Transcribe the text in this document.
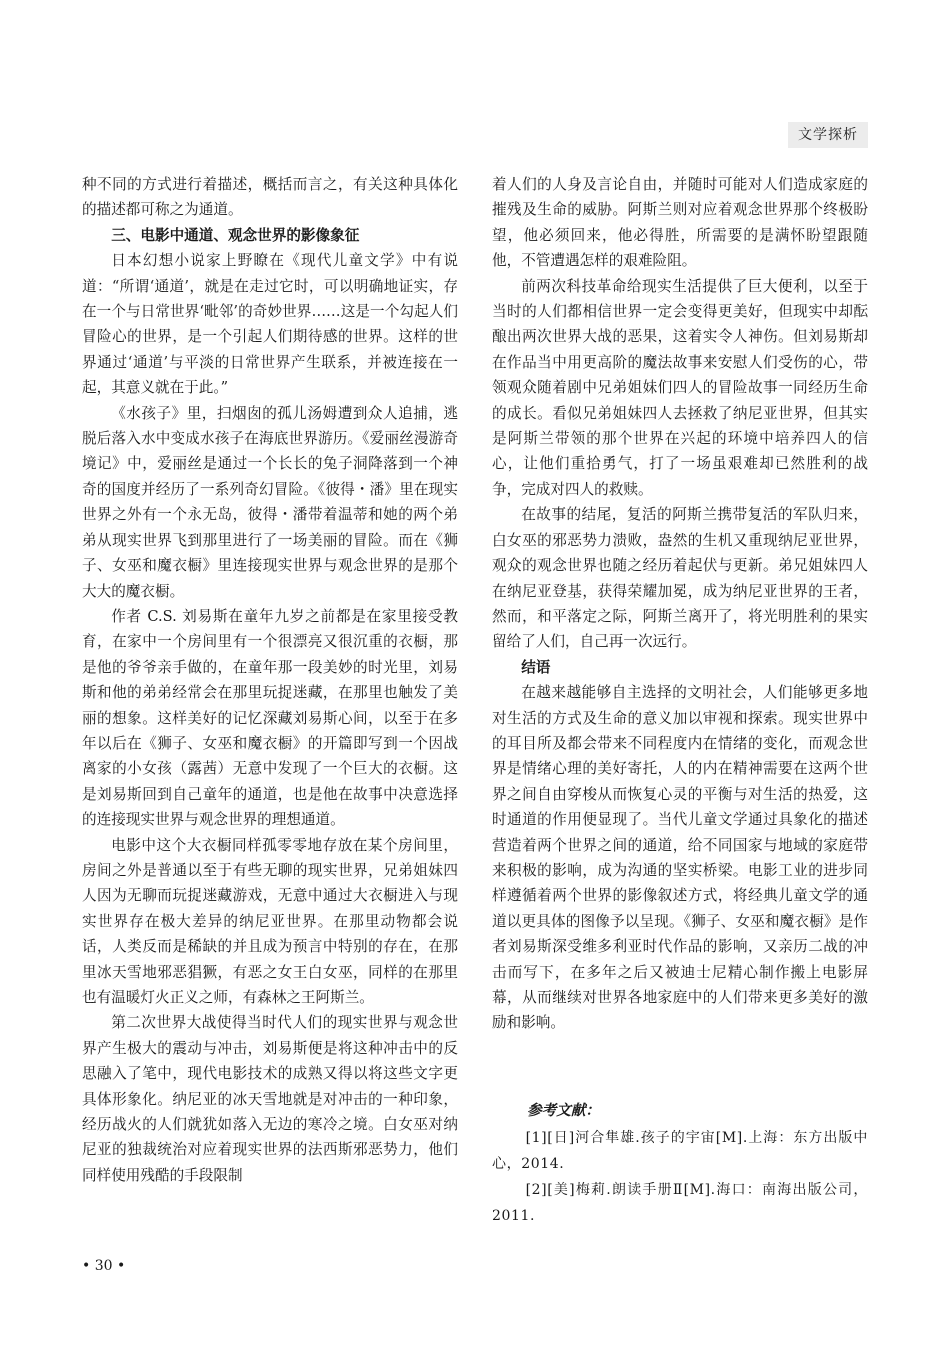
文学探析

种不同的方式进行着描述，概括而言之，有关这种具体化的描述都可称之为通道。

三、电影中通道、观念世界的影像象征

日本幻想小说家上野瞭在《现代儿童文学》中有说道：“所谓‘通道’，就是在走过它时，可以明确地证实，存在一个与日常世界‘毗邻’的奇妙世界……这是一个勾起人们冒险心的世界，是一个引起人们期待感的世界。这样的世界通过‘通道’与平淡的日常世界产生联系，并被连接在一起，其意义就在于此。”

《水孩子》里，扫烟囱的孤儿汤姆遭到众人追捕，逃脱后落入水中变成水孩子在海底世界游历。《爱丽丝漫游奇境记》中，爱丽丝是通过一个长长的兔子洞降落到一个神奇的国度并经历了一系列奇幻冒险。《彼得・潘》里在现实世界之外有一个永无岛，彼得・潘带着温蒂和她的两个弟弟从现实世界飞到那里进行了一场美丽的冒险。而在《狮子、女巫和魔衣橱》里连接现实世界与观念世界的是那个大大的魔衣橱。

作者 C.S. 刘易斯在童年九岁之前都是在家里接受教育，在家中一个房间里有一个很漂亮又很沉重的衣橱，那是他的爷爷亲手做的，在童年那一段美妙的时光里，刘易斯和他的弟弟经常会在那里玩捉迷藏，在那里也触发了美丽的想象。这样美好的记忆深藏刘易斯心间，以至于在多年以后在《狮子、女巫和魔衣橱》的开篇即写到一个因战离家的小女孩（露茜）无意中发现了一个巨大的衣橱。这是刘易斯回到自己童年的通道，也是他在故事中决意选择的连接现实世界与观念世界的理想通道。

电影中这个大衣橱同样孤零零地存放在某个房间里，房间之外是普通以至于有些无聊的现实世界，兄弟姐妹四人因为无聊而玩捉迷藏游戏，无意中通过大衣橱进入与现实世界存在极大差异的纳尼亚世界。在那里动物都会说话，人类反而是稀缺的并且成为预言中特别的存在，在那里冰天雪地邪恶猖獗，有恶之女王白女巫，同样的在那里也有温暖灯火正义之师，有森林之王阿斯兰。

第二次世界大战使得当时代人们的现实世界与观念世界产生极大的震动与冲击，刘易斯便是将这种冲击中的反思融入了笔中，现代电影技术的成熟又得以将这些文字更具体形象化。纳尼亚的冰天雪地就是对冲击的一种印象，经历战火的人们就犹如落入无边的寒冷之境。白女巫对纳尼亚的独裁统治对应着现实世界的法西斯邪恶势力，他们同样使用残酷的手段限制

着人们的人身及言论自由，并随时可能对人们造成家庭的摧残及生命的威胁。阿斯兰则对应着观念世界那个终极盼望，他必须回来，他必得胜，所需要的是满怀盼望跟随他，不管遭遇怎样的艰难险阻。

前两次科技革命给现实生活提供了巨大便利，以至于当时的人们都相信世界一定会变得更美好，但现实中却酝酿出两次世界大战的恶果，这着实令人神伤。但刘易斯却在作品当中用更高阶的魔法故事来安慰人们受伤的心，带领观众随着剧中兄弟姐妹们四人的冒险故事一同经历生命的成长。看似兄弟姐妹四人去拯救了纳尼亚世界，但其实是阿斯兰带领的那个世界在兴起的环境中培养四人的信心，让他们重拾勇气，打了一场虽艰难却已然胜利的战争，完成对四人的救赎。

在故事的结尾，复活的阿斯兰携带复活的军队归来，白女巫的邪恶势力溃败，盎然的生机又重现纳尼亚世界，观众的观念世界也随之经历着起伏与更新。弟兄姐妹四人在纳尼亚登基，获得荣耀加冕，成为纳尼亚世界的王者，然而，和平落定之际，阿斯兰离开了，将光明胜利的果实留给了人们，自己再一次远行。

结语

在越来越能够自主选择的文明社会，人们能够更多地对生活的方式及生命的意义加以审视和探索。现实世界中的耳目所及都会带来不同程度内在情绪的变化，而观念世界是情绪心理的美好寄托，人的内在精神需要在这两个世界之间自由穿梭从而恢复心灵的平衡与对生活的热爱，这时通道的作用便显现了。当代儿童文学通过具象化的描述营造着两个世界之间的通道，给不同国家与地域的家庭带来积极的影响，成为沟通的坚实桥梁。电影工业的进步同样遵循着两个世界的影像叙述方式，将经典儿童文学的通道以更具体的图像予以呈现。《狮子、女巫和魔衣橱》是作者刘易斯深受维多利亚时代作品的影响，又亲历二战的冲击而写下，在多年之后又被迪士尼精心制作搬上电影屏幕，从而继续对世界各地家庭中的人们带来更多美好的激励和影响。

参考文献：

[1][日]河合隼雄.孩子的宇宙[M].上海：东方出版中心，2014.

[2][美]梅莉.朗读手册Ⅱ[M].海口：南海出版公司，2011.

• 30 •
